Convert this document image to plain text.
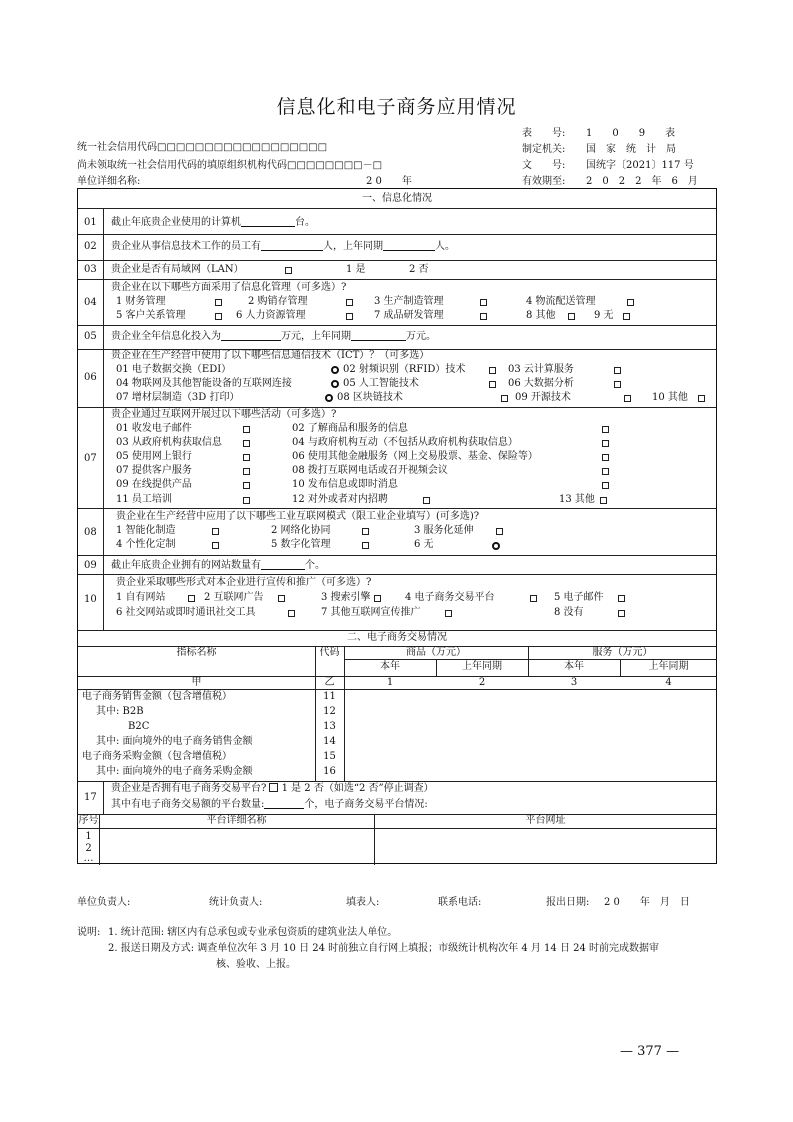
信息化和电子商务应用情况
统一社会信用代码□□□□□□□□□□□□□□□□□□
尚未领取统一社会信用代码的填原组织机构代码□□□□□□□□－□
单位详细名称:	2 0　　年
表　　号: 1　　0　　9　　表
制定机关: 国　家　统　计　局
文　　号: 国统字〔2021〕117 号
有效期至: 2　0　2　2　年　6　月
一、信息化情况
01 截止年底贵企业使用的计算机	台。
02 贵企业从事信息技术工作的员工有	人，上年同期	人。
03 贵企业是否有局域网（LAN）	1 是	2 否
04
贵企业在以下哪些方面采用了信息化管理（可多选）?
1 财务管理	2 购销存管理	3 生产制造管理	4 物流配送管理
5 客户关系管理	6 人力资源管理	7 成品研发管理	8 其他	9 无
05 贵企业全年信息化投入为	万元，上年同期	万元。
06
贵企业在生产经营中使用了以下哪些信息通信技术（ICT）？（可多选）
01 电子数据交换（EDI）	02 射频识别（RFID）技术	03 云计算服务
04 物联网及其他智能设备的互联网连接	05 人工智能技术	06 大数据分析
07 增材层制造（3D 打印）	08 区块链技术	09 开源技术	10 其他
07
贵企业通过互联网开展过以下哪些活动（可多选）?
01 收发电子邮件	02 了解商品和服务的信息
03 从政府机构获取信息	04 与政府机构互动（不包括从政府机构获取信息）
05 使用网上银行	06 使用其他金融服务（网上交易股票、基金、保险等）
07 提供客户服务	08 拨打互联网电话或召开视频会议
09 在线提供产品	10 发布信息或即时消息
11 员工培训	12 对外或者对内招聘	13 其他
08
贵企业在生产经营中应用了以下哪些工业互联网模式（限工业企业填写）(可多选)?
1 智能化制造	2 网络化协同	3 服务化延伸
4 个性化定制	5 数字化管理	6 无
09 截止年底贵企业拥有的网站数量有	个。
10
贵企业采取哪些形式对本企业进行宣传和推广（可多选）?
1 自有网站	2 互联网广告	3 搜索引擎	4 电子商务交易平台	5 电子邮件
6 社交网站或即时通讯社交工具	7 其他互联网宣传推广	8 没有
二、电子商务交易情况
指标名称	代码	商品（万元）	服务（万元）
本年	上年同期	本年	上年同期
甲	乙	1	2	3	4
电子商务销售金额（包含增值税）	11
其中: B2B	12
B2C	13
其中: 面向境外的电子商务销售金额	14
电子商务采购金额（包含增值税）	15
其中: 面向境外的电子商务采购金额	16
17
贵企业是否拥有电子商务交易平台? 1 是 2 否（如选“2 否”停止调查）
其中有电子商务交易额的平台数量:	个，电子商务交易平台情况:
序号	平台详细名称	平台网址
1
2
…
单位负责人:	统计负责人:	填表人:	联系电话:	报出日期: 2 0　　年　月　日
说明: 1. 统计范围: 辖区内有总承包或专业承包资质的建筑业法人单位。
2. 报送日期及方式: 调查单位次年 3 月 10 日 24 时前独立自行网上填报；市级统计机构次年 4 月 14 日 24 时前完成数据审
核、验收、上报。
— 377 —
